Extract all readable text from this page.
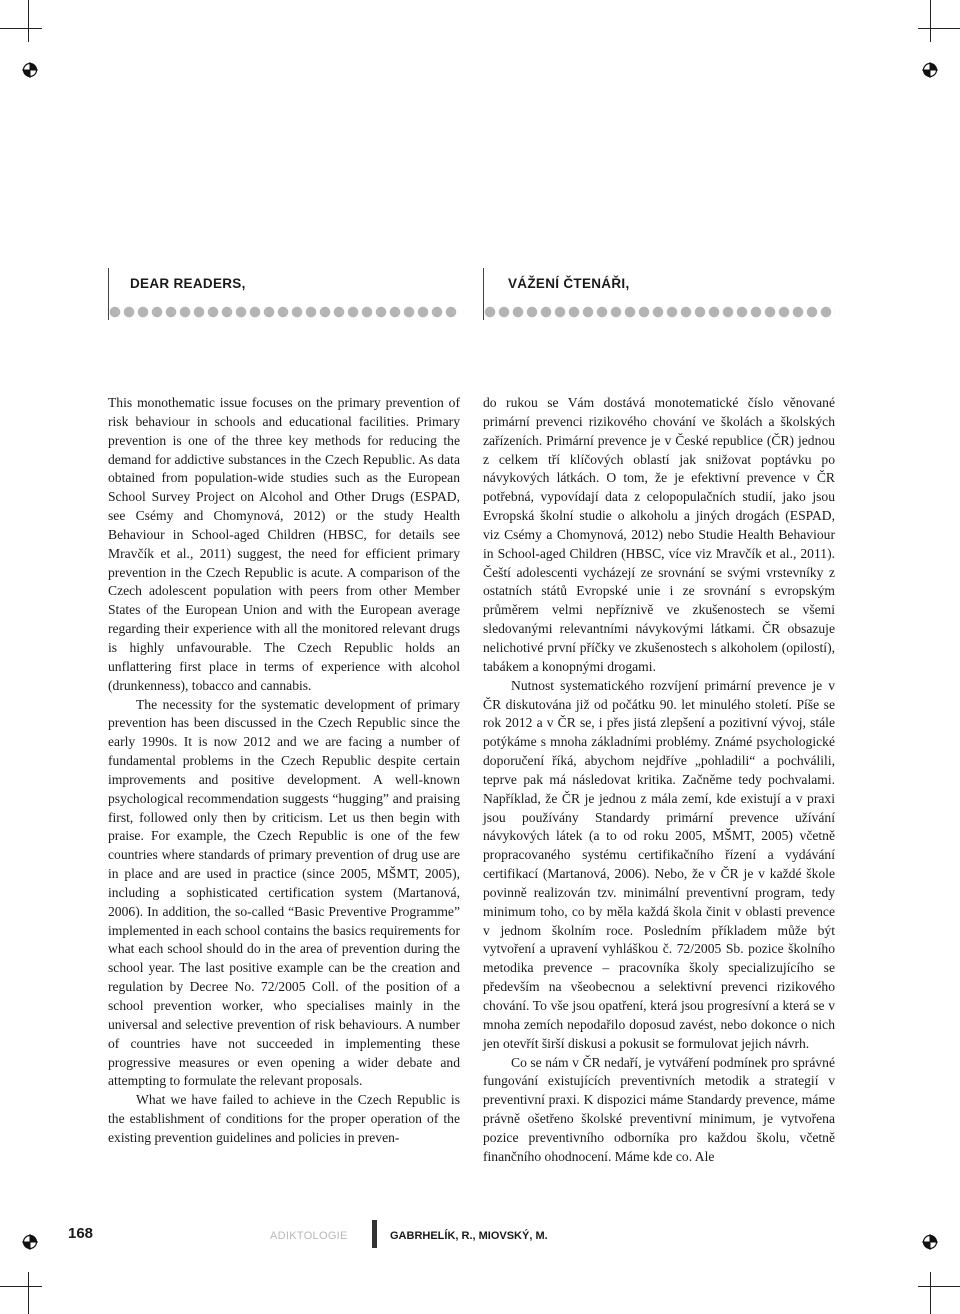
DEAR READERS,	VÁŽENÍ ČTENÁŘI,

This monothematic issue focuses on the primary prevention of risk behaviour in schools and educational facilities. Primary prevention is one of the three key methods for reducing the demand for addictive substances in the Czech Republic. As data obtained from population-wide studies such as the European School Survey Project on Alcohol and Other Drugs (ESPAD, see Csémy and Chomynová, 2012) or the study Health Behaviour in School-aged Children (HBSC, for details see Mravčík et al., 2011) suggest, the need for efficient primary prevention in the Czech Republic is acute. A comparison of the Czech adolescent population with peers from other Member States of the European Union and with the European average regarding their experience with all the monitored relevant drugs is highly unfavourable. The Czech Republic holds an unflattering first place in terms of experience with alcohol (drunkenness), tobacco and cannabis.

The necessity for the systematic development of primary prevention has been discussed in the Czech Republic since the early 1990s. It is now 2012 and we are facing a number of fundamental problems in the Czech Republic despite certain improvements and positive development. A well-known psychological recommendation suggests “hugging” and praising first, followed only then by criticism. Let us then begin with praise. For example, the Czech Republic is one of the few countries where standards of primary prevention of drug use are in place and are used in practice (since 2005, MŠMT, 2005), including a sophisticated certification system (Martanová, 2006). In addition, the so-called “Basic Preventive Programme” implemented in each school contains the basics requirements for what each school should do in the area of prevention during the school year. The last positive example can be the creation and regulation by Decree No. 72/2005 Coll. of the position of a school prevention worker, who specialises mainly in the universal and selective prevention of risk behaviours. A number of countries have not succeeded in implementing these progressive measures or even opening a wider debate and attempting to formulate the relevant proposals.

What we have failed to achieve in the Czech Republic is the establishment of conditions for the proper operation of the existing prevention guidelines and policies in preven-

do rukou se Vám dostává monotematické číslo věnované primární prevenci rizikového chování ve školách a školských zařízeních. Primární prevence je v České republice (ČR) jednou z celkem tří klíčových oblastí jak snižovat poptávku po návykových látkách. O tom, že je efektivní prevence v ČR potřebná, vypovídají data z celopopulačních studií, jako jsou Evropská školní studie o alkoholu a jiných drogách (ESPAD, viz Csémy a Chomynová, 2012) nebo Studie Health Behaviour in School-aged Children (HBSC, více viz Mravčík et al., 2011). Čeští adolescenti vycházejí ze srovnání se svými vrstevníky z ostatních států Evropské unie i ze srovnání s evropským průměrem velmi nepříznivě ve zkušenostech se všemi sledovanými relevantními návykovými látkami. ČR obsazuje nelichotivé první příčky ve zkušenostech s alkoholem (opilostí), tabákem a konopnými drogami.

Nutnost systematického rozvíjení primární prevence je v ČR diskutována již od počátku 90. let minulého století. Píše se rok 2012 a v ČR se, i přes jistá zlepšení a pozitivní vývoj, stále potýkáme s mnoha základními problémy. Známé psychologické doporučení říká, abychom nejdříve „pohladili“ a pochválili, teprve pak má následovat kritika. Začněme tedy pochvalami. Například, že ČR je jednou z mála zemí, kde existují a v praxi jsou používány Standardy primární prevence užívání návykových látek (a to od roku 2005, MŠMT, 2005) včetně propracovaného systému certifikačního řízení a vydávání certifikací (Martanová, 2006). Nebo, že v ČR je v každé škole povinně realizován tzv. minimální preventivní program, tedy minimum toho, co by měla každá škola činit v oblasti prevence v jednom školním roce. Posledním příkladem může být vytvoření a upravení vyhláškou č. 72/2005 Sb. pozice školního metodika prevence – pracovníka školy specializujícího se především na všeobecnou a selektivní prevenci rizikového chování. To vše jsou opatření, která jsou progresívní a která se v mnoha zemích nepodařilo doposud zavést, nebo dokonce o nich jen otevřít širší diskusi a pokusit se formulovat jejich návrh.

Co se nám v ČR nedaří, je vytváření podmínek pro správné fungování existujících preventivních metodik a strategií v preventivní praxi. K dispozici máme Standardy prevence, máme právně ošetřeno školské preventivní minimum, je vytvořena pozice preventivního odborníka pro každou školu, včetně finančního ohodnocení. Máme kde co. Ale

168	ADIKTOLOGIE	GABRHELÍK, R., MIOVSKÝ, M.
